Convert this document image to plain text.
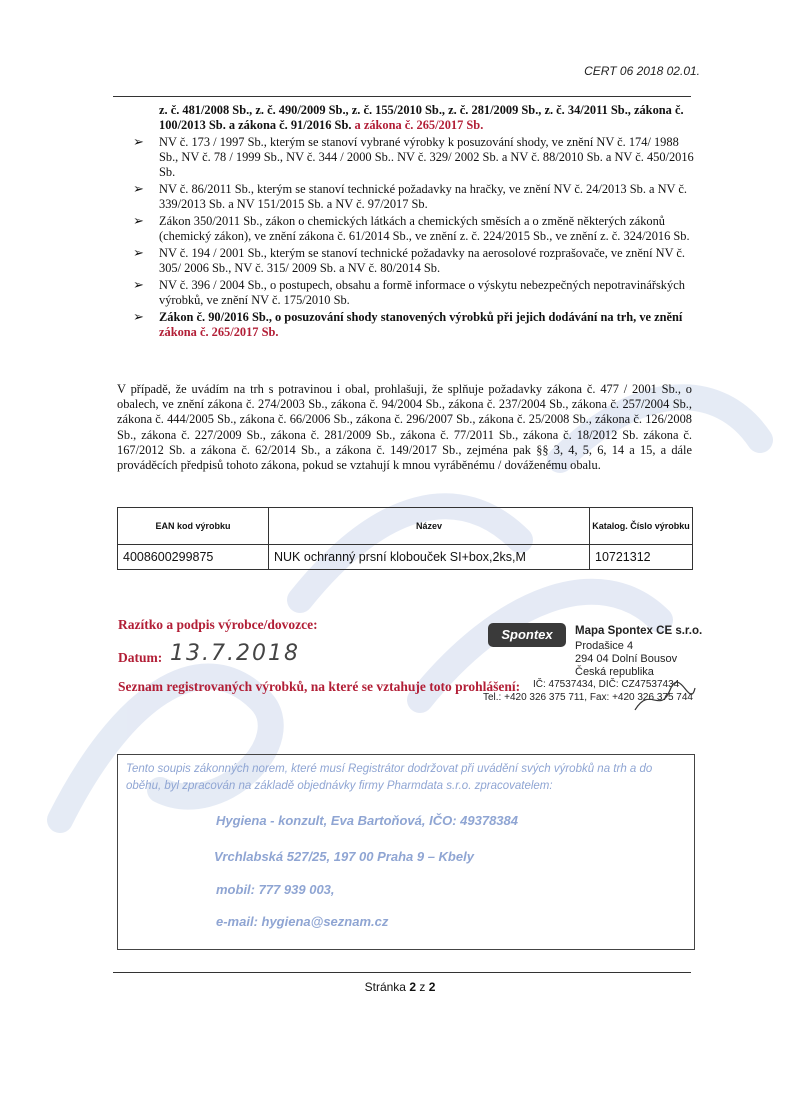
CERT 06 2018 02.01.
z. č. 481/2008 Sb., z. č. 490/2009 Sb., z. č. 155/2010 Sb., z. č. 281/2009 Sb., z. č. 34/2011 Sb., zákona č. 100/2013 Sb. a zákona č. 91/2016 Sb. a zákona č. 265/2017 Sb.
➢ NV č. 173 / 1997 Sb., kterým se stanoví vybrané výrobky k posuzování shody, ve znění NV č. 174/ 1988 Sb., NV č. 78 / 1999 Sb., NV č. 344 / 2000 Sb.. NV č. 329/ 2002 Sb. a NV č. 88/2010 Sb. a NV č. 450/2016 Sb.
➢ NV č. 86/2011 Sb., kterým se stanoví technické požadavky na hračky, ve znění NV č. 24/2013 Sb. a NV č. 339/2013 Sb. a NV 151/2015 Sb. a NV č. 97/2017 Sb.
➢ Zákon 350/2011 Sb., zákon o chemických látkách a chemických směsích a o změně některých zákonů (chemický zákon), ve znění zákona č. 61/2014 Sb., ve znění z. č. 224/2015 Sb., ve znění z. č. 324/2016 Sb.
➢ NV č. 194 / 2001 Sb., kterým se stanoví technické požadavky na aerosolové rozprašovače, ve znění NV č. 305/ 2006 Sb., NV č. 315/ 2009 Sb. a NV č. 80/2014 Sb.
➢ NV č. 396 / 2004 Sb., o postupech, obsahu a formě informace o výskytu nebezpečných nepotravinářských výrobků, ve znění NV č. 175/2010 Sb.
➢ Zákon č. 90/2016 Sb., o posuzování shody stanovených výrobků při jejich dodávání na trh, ve znění zákona č. 265/2017 Sb.
V případě, že uvádím na trh s potravinou i obal, prohlašuji, že splňuje požadavky zákona č. 477 / 2001 Sb., o obalech, ve znění zákona č. 274/2003 Sb., zákona č. 94/2004 Sb., zákona č. 237/2004 Sb., zákona č. 257/2004 Sb., zákona č. 444/2005 Sb., zákona č. 66/2006 Sb., zákona č. 296/2007 Sb., zákona č. 25/2008 Sb., zákona č. 126/2008 Sb., zákona č. 227/2009 Sb., zákona č. 281/2009 Sb., zákona č. 77/2011 Sb., zákona č. 18/2012 Sb. zákona č. 167/2012 Sb. a zákona č. 62/2014 Sb., a zákona č. 149/2017 Sb., zejména pak §§ 3, 4, 5, 6, 14 a 15, a dále prováděcích předpisů tohoto zákona, pokud se vztahují k mnou vyráběnému / dováženému obalu.
EAN kod výrobku	Název	Katalog. Číslo výrobku
4008600299875	NUK ochranný prsní klobouček SI+box,2ks,M	10721312
Razítko a podpis výrobce/dovozce:
Datum: 13.7.2018
Seznam registrovaných výrobků, na které se vztahuje toto prohlášení:
Spontex	Mapa Spontex CE s.r.o.
Prodašice 4
294 04 Dolní Bousov
Česká republika
IČ: 47537434, DIČ: CZ47537434
Tel.: +420 326 375 711, Fax: +420 326 375 744
Tento soupis zákonných norem, které musí Registrátor dodržovat při uvádění svých výrobků na trh a do oběhu, byl zpracován na základě objednávky firmy Pharmdata s.r.o. zpracovatelem:
Hygiena - konzult, Eva Bartoňová, IČO: 49378384
Vrchlabská 527/25, 197 00 Praha 9 – Kbely
mobil: 777 939 003,
e-mail: hygiena@seznam.cz
Stránka 2 z 2
